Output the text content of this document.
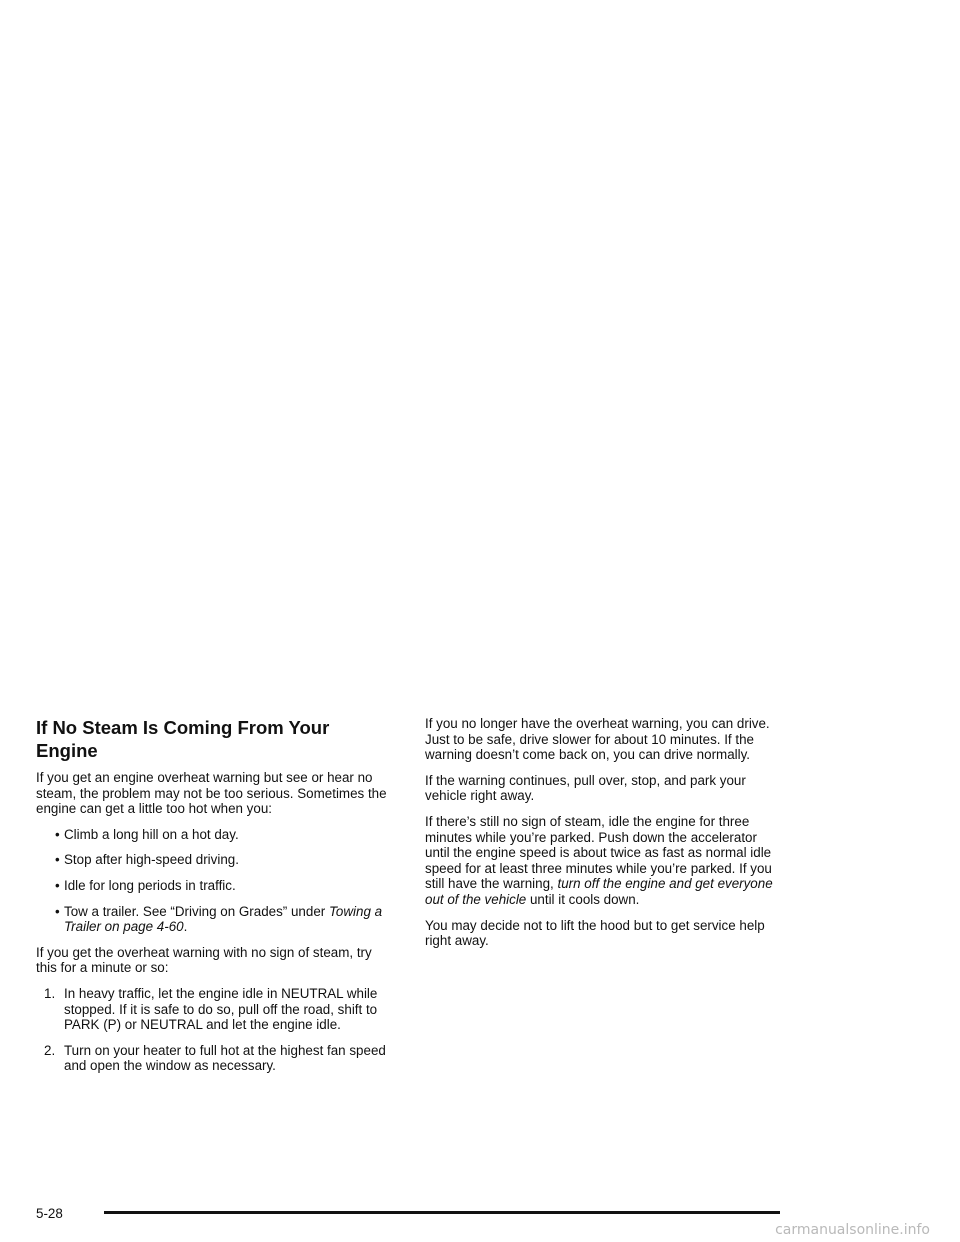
If No Steam Is Coming From Your Engine

If you get an engine overheat warning but see or hear no steam, the problem may not be too serious. Sometimes the engine can get a little too hot when you:

• Climb a long hill on a hot day.
• Stop after high-speed driving.
• Idle for long periods in traffic.
• Tow a trailer. See “Driving on Grades” under Towing a Trailer on page 4-60.

If you get the overheat warning with no sign of steam, try this for a minute or so:

1. In heavy traffic, let the engine idle in NEUTRAL while stopped. If it is safe to do so, pull off the road, shift to PARK (P) or NEUTRAL and let the engine idle.
2. Turn on your heater to full hot at the highest fan speed and open the window as necessary.

If you no longer have the overheat warning, you can drive. Just to be safe, drive slower for about 10 minutes. If the warning doesn’t come back on, you can drive normally.

If the warning continues, pull over, stop, and park your vehicle right away.

If there’s still no sign of steam, idle the engine for three minutes while you’re parked. Push down the accelerator until the engine speed is about twice as fast as normal idle speed for at least three minutes while you’re parked. If you still have the warning, turn off the engine and get everyone out of the vehicle until it cools down.

You may decide not to lift the hood but to get service help right away.

5-28
carmanualsonline.info
